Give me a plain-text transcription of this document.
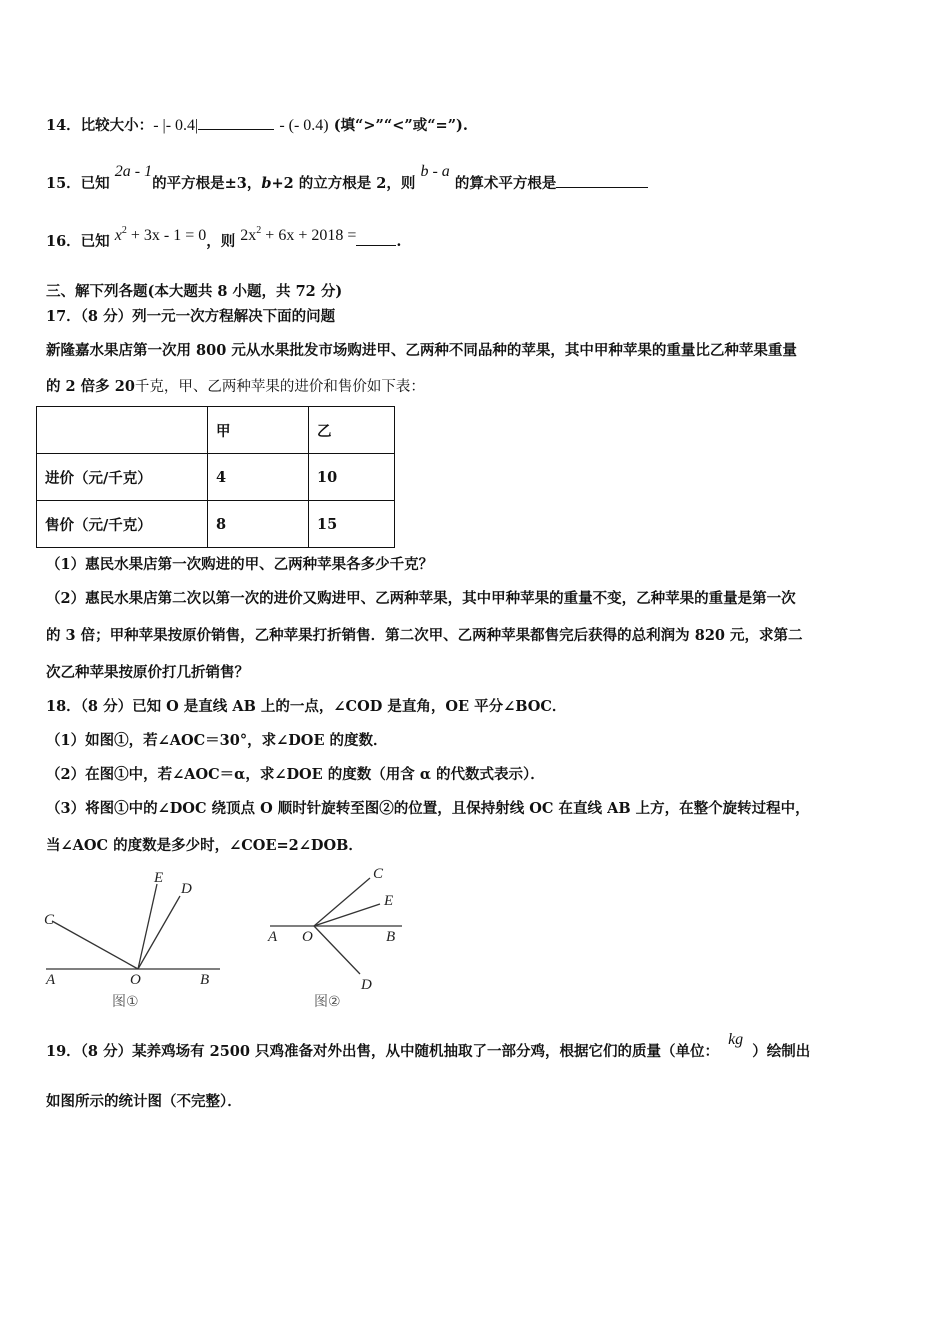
14．比较大小：- |- 0.4|	- (- 0.4) (填“>”“<”或“=”).
15．已知 2a - 1的平方根是±3，b+2 的立方根是 2，则 b - a 的算术平方根是
16．已知 $x^2 + 3x - 1 = 0$，则 $2x^2 + 6x + 2018$ =	.
三、解下列各题(本大题共 8 小题，共 72 分)
17．（8 分）列一元一次方程解决下面的问题
新隆嘉水果店第一次用 800 元从水果批发市场购进甲、乙两种不同品种的苹果，其中甲种苹果的重量比乙种苹果重量
的 2 倍多 20千克，甲、乙两种苹果的进价和售价如下表：
	甲	乙
进价（元/千克）	4	10
售价（元/千克）	8	15
（1）惠民水果店第一次购进的甲、乙两种苹果各多少千克？
（2）惠民水果店第二次以第一次的进价又购进甲、乙两种苹果，其中甲种苹果的重量不变，乙种苹果的重量是第一次
的 3 倍；甲种苹果按原价销售，乙种苹果打折销售．第二次甲、乙两种苹果都售完后获得的总利润为 820 元，求第二
次乙种苹果按原价打几折销售？
18．（8 分）已知 O 是直线 AB 上的一点，∠COD 是直角，OE 平分∠BOC．
（1）如图①，若∠AOC＝30°，求∠DOE 的度数．
（2）在图①中，若∠AOC＝α，求∠DOE 的度数（用含 α 的代数式表示）．
（3）将图①中的∠DOC 绕顶点 O 顺时针旋转至图②的位置，且保持射线 OC 在直线 AB 上方，在整个旋转过程中，
当∠AOC 的度数是多少时，∠COE=2∠DOB．
E
D
C
A	O	B
图①
C
E
A O	B
D
图②
19．（8 分）某养鸡场有 2500 只鸡准备对外出售，从中随机抽取了一部分鸡，根据它们的质量（单位： kg ）绘制出
如图所示的统计图（不完整）．
